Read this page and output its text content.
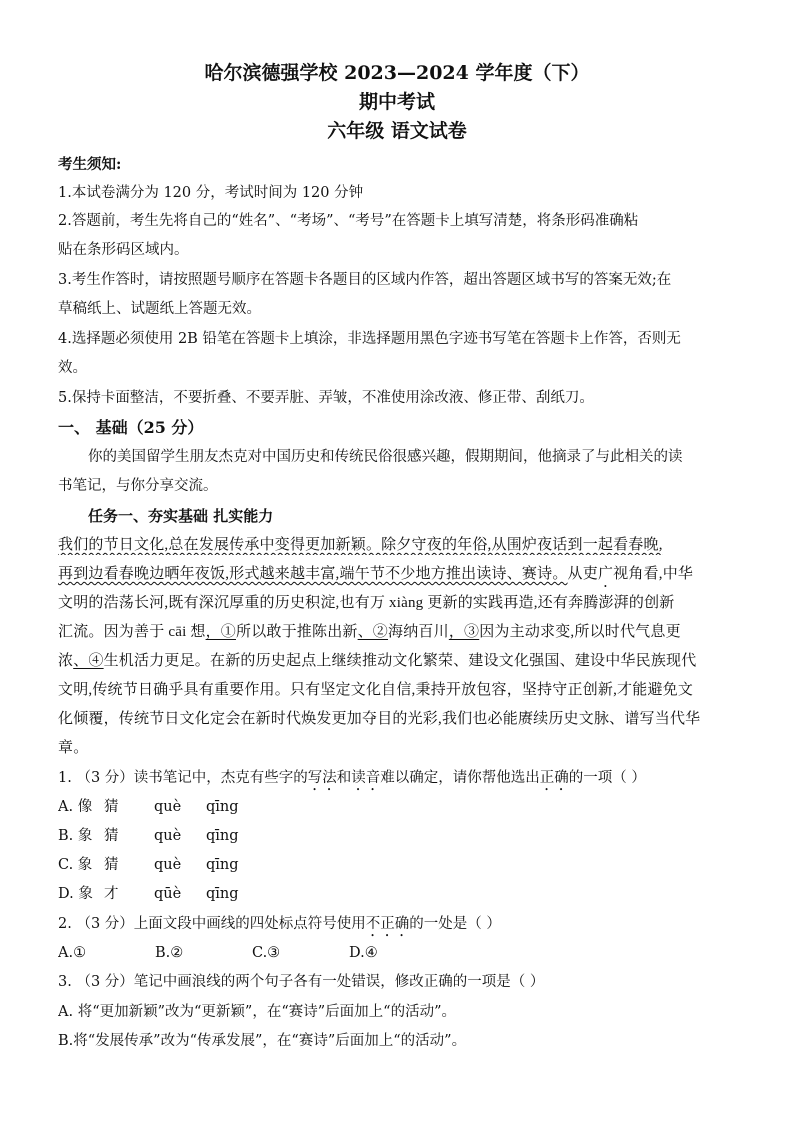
哈尔滨德强学校 2023—2024 学年度（下）
期中考试
六年级 语文试卷
考生须知:
1.本试卷满分为 120 分，考试时间为 120 分钟
2.答题前，考生先将自己的“姓名”、“考场”、“考号”在答题卡上填写清楚，将条形码准确粘
贴在条形码区域内。
3.考生作答时，请按照题号顺序在答题卡各题目的区域内作答，超出答题区域书写的答案无效;在
草稿纸上、试题纸上答题无效。
4.选择题必须使用 2B 铅笔在答题卡上填涂，非选择题用黑色字迹书写笔在答题卡上作答，否则无
效。
5.保持卡面整洁，不要折叠、不要弄脏、弄皱，不准使用涂改液、修正带、刮纸刀。
一、 基础（25 分）
你的美国留学生朋友杰克对中国历史和传统民俗很感兴趣，假期期间，他摘录了与此相关的读
书笔记，与你分享交流。
任务一、夯实基础 扎实能力
我们的节日文化,总在发展传承中变得更加新颖。除夕守夜的年俗,从围炉夜话到一起看春晚,
再到边看春晚边晒年夜饭,形式越来越丰富,端午节不少地方推出读诗、赛诗。从吏广视角看,中华
文明的浩荡长河,既有深沉厚重的历史积淀,也有万 xiàng 更新的实践再造,还有奔腾澎湃的创新
汇流。因为善于 cāi 想，①所以敢于推陈出新、②海纳百川，③因为主动求变,所以时代气息更
浓、④生机活力更足。在新的历史起点上继续推动文化繁荣、建设文化强国、建设中华民族现代
文明,传统节日确乎具有重要作用。只有坚定文化自信,秉持开放包容，坚持守正创新,才能避免文
化倾覆，传统节日文化定会在新时代焕发更加夺目的光彩,我们也必能赓续历史文脉、谱写当代华
章。
1. （3 分）读书笔记中，杰克有些字的写法和读音难以确定，请你帮他选出正确的一项（ ）
A. 像 猜 què qīng
B. 象 猜 què qīng
C. 象 猜 què qīng
D. 象 才 qūè qīng
2. （3 分）上面文段中画线的四处标点符号使用不正确的一处是（ ）
A.①	B.②	C.③	D.④
3. （3 分）笔记中画浪线的两个句子各有一处错误，修改正确的一项是（ ）
A. 将“更加新颖”改为“更新颖”，在“赛诗”后面加上“的活动”。
B.将“发展传承”改为“传承发展”，在“赛诗”后面加上“的活动”。
